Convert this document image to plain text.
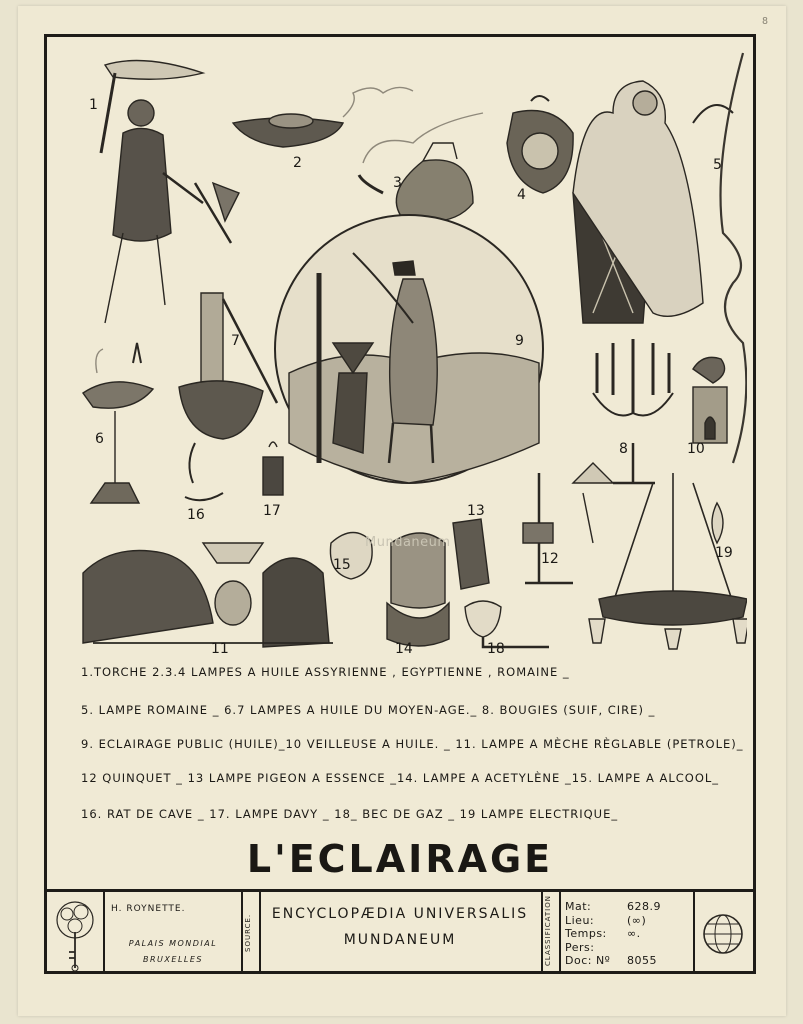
8
1
2
3
4
5
6
7
8
9
10
11
12
13
14
15
16	17
18
19
Mundaneum
1.TORCHE 2.3.4 LAMPES A HUILE ASSYRIENNE , EGYPTIENNE , ROMAINE _
5. LAMPE ROMAINE _ 6.7 LAMPES A HUILE DU MOYEN-AGE._ 8. BOUGIES (SUIF, CIRE) _
9. ECLAIRAGE PUBLIC (HUILE)_10 VEILLEUSE A HUILE. _ 11. LAMPE A MÈCHE RÈGLABLE (PETROLE)_
12 QUINQUET _ 13 LAMPE PIGEON A ESSENCE _14. LAMPE A ACETYLÈNE _15. LAMPE A ALCOOL_
16. RAT DE CAVE _ 17. LAMPE DAVY _ 18_ BEC DE GAZ _ 19 LAMPE ELECTRIQUE_
L'ECLAIRAGE
H. ROYNETTE.
PALAIS MONDIAL
BRUXELLES
SOURCE.	ENCYCLOPÆDIA UNIVERSALIS
MUNDANEUM	CLASSIFICATION	Mat:	628.9
Lieu:	(∞)
Temps: ∞.
Pers:
Doc: Nº 8055
